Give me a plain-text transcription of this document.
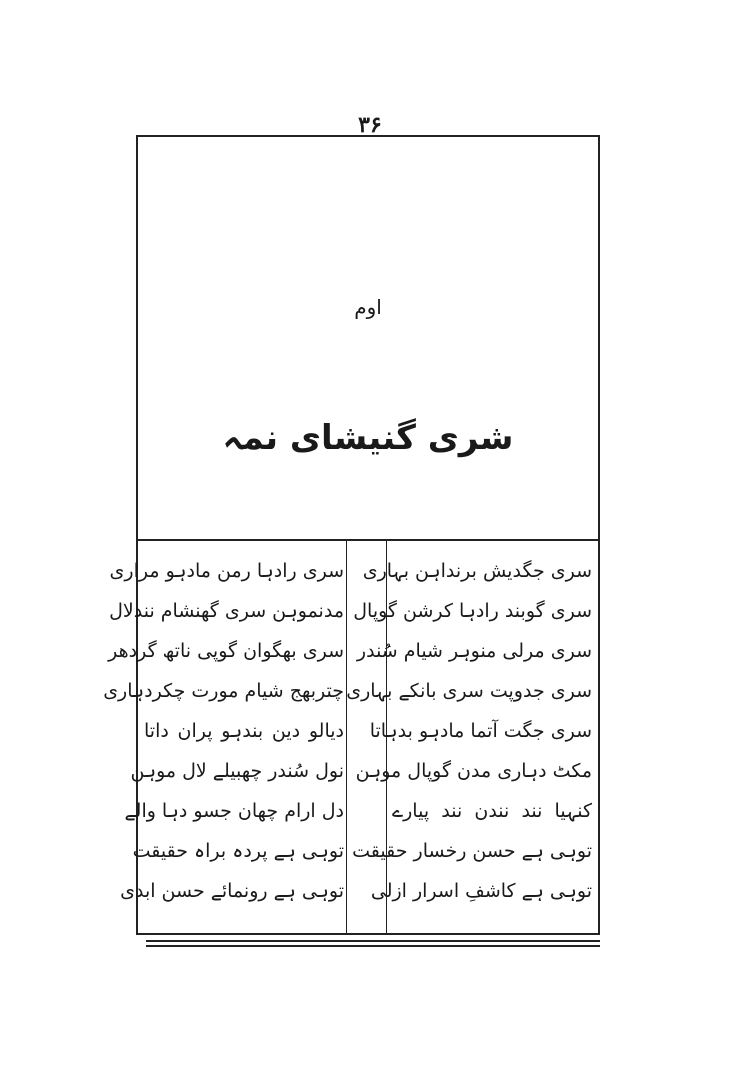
۳۶
اوم
شری گنیشای نمہ
سری جگدیش برنداہن بہاری
سری گوبند رادہا کرشن گوپال
سری مرلی منوہر شیام سُندر
سری جدوپت سری بانکے بہاری
سری جگت آتما مادہو بدہاتا
مکٹ دہاری مدن گوپال موہن
کنہیا نند نندن نند پیارے
توہی ہے حسن رخسار حقیقت
توہی ہے کاشفِ اسرار ازلی
سری رادہا رمن مادہو مراری
مدنموہن سری گھنشام نندلال
سری بھگوان گوپی ناتھ گردھر
چتربھج شیام مورت چکردہاری
دیالو دین بندہو پران داتا
نول سُندر چھبیلے لال موہن
دل ارام چھان جسو دہا والے
توہی ہے پردہ براہ حقیقت
توہی ہے رونمائے حسن ابدی
